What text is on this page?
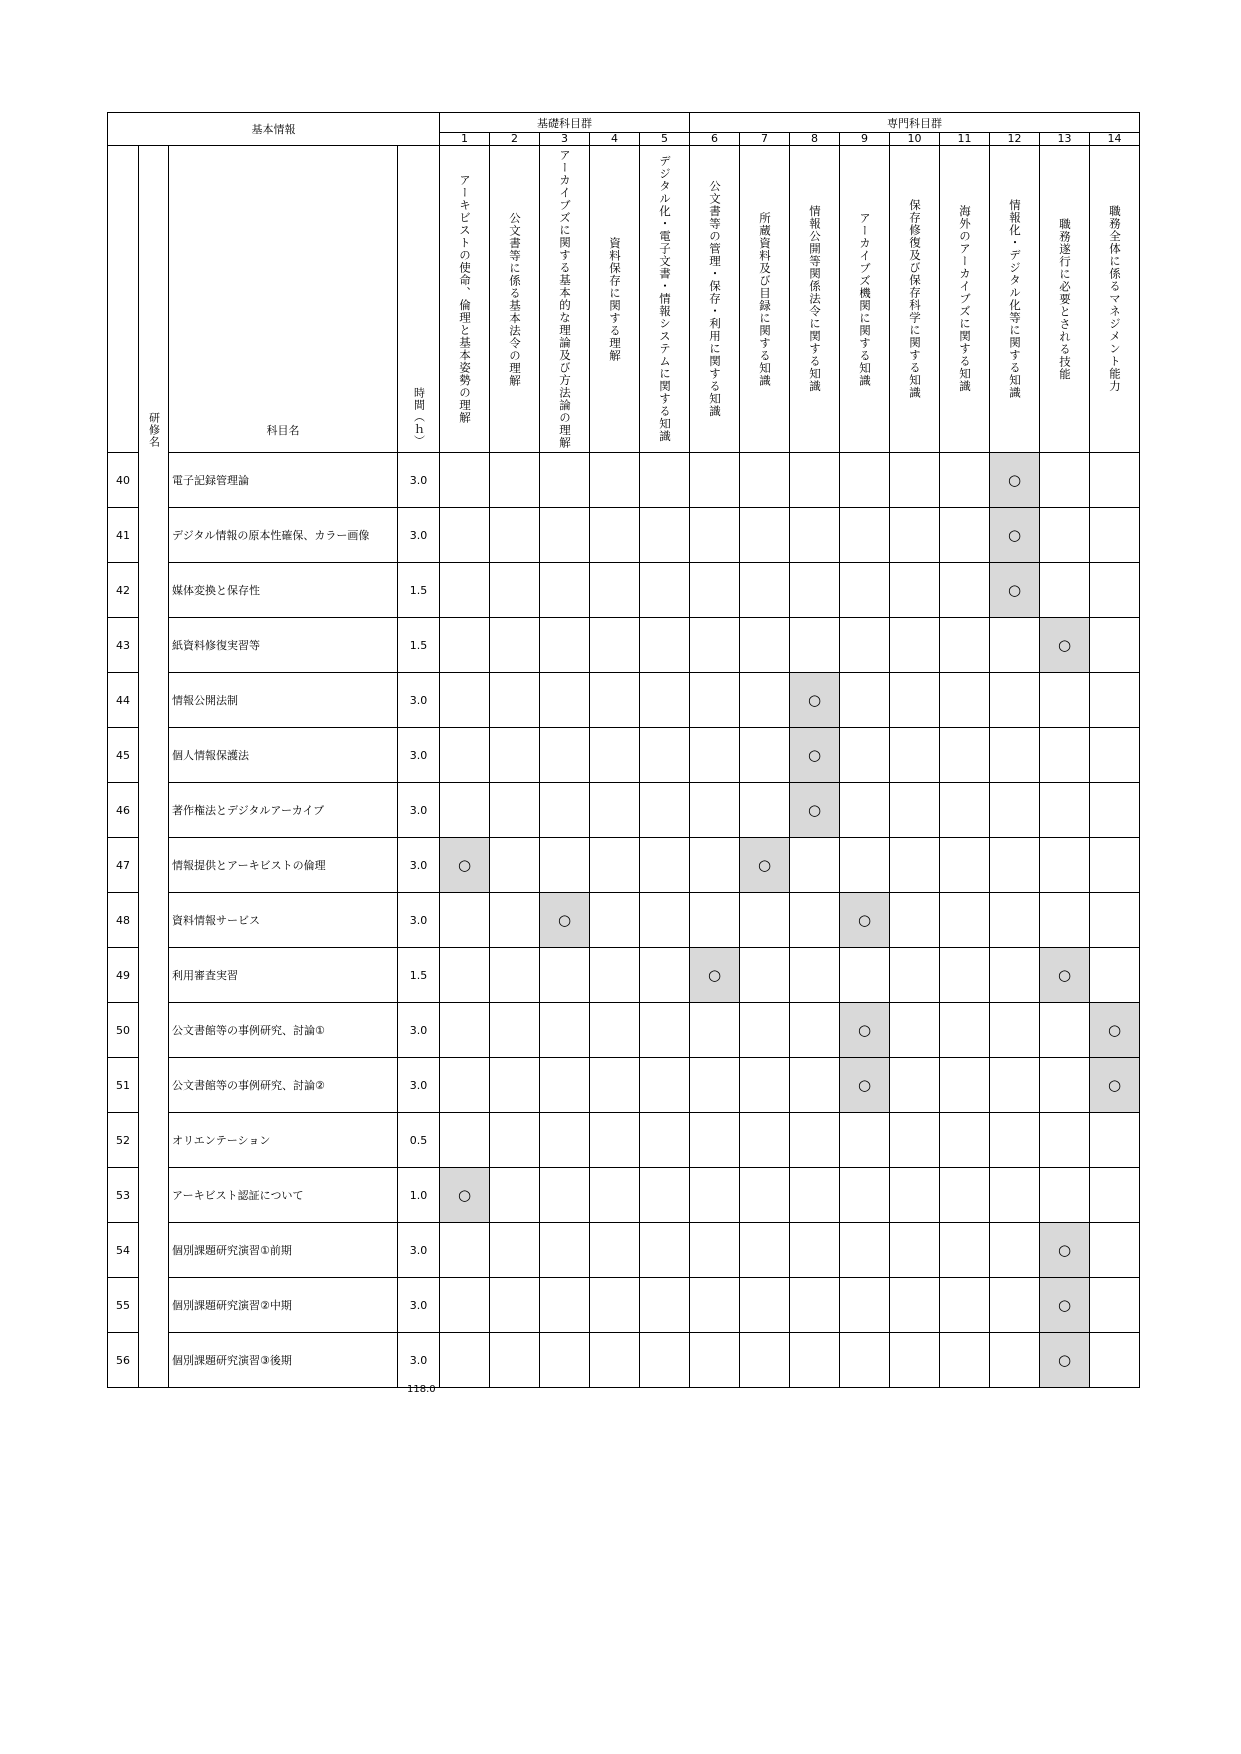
基本情報				基礎科目群					専門科目群								
				1	2	3	4	5	6	7	8	9	10	11	12	13	14
	研修名	科目名	時間（ｈ）	アーキビストの使命、倫理と基本姿勢の理解	公文書等に係る基本法令の理解	アーカイブズに関する基本的な理論及び方法論の理解	資料保存に関する理解	デジタル化・電子文書・情報システムに関する知識	公文書等の管理・保存・利用に関する知識	所蔵資料及び目録に関する知識	情報公開等関係法令に関する知識	アーカイブズ機関に関する知識	保存修復及び保存科学に関する知識	海外のアーカイブズに関する知識	情報化・デジタル化等に関する知識	職務遂行に必要とされる技能	職務全体に係るマネジメント能力
40		電子記録管理論	3.0												○		
41		デジタル情報の原本性確保、カラー画像	3.0												○		
42		媒体変換と保存性	1.5												○		
43		紙資料修復実習等	1.5													○	
44		情報公開法制	3.0								○						
45		個人情報保護法	3.0								○						
46		著作権法とデジタルアーカイブ	3.0								○						
47		情報提供とアーキビストの倫理	3.0	○						○							
48		資料情報サービス	3.0			○						○					
49		利用審査実習	1.5						○							○	
50		公文書館等の事例研究、討論①	3.0									○					○
51		公文書館等の事例研究、討論②	3.0									○					○
52		オリエンテーション	0.5														
53		アーキビスト認証について	1.0	○													
54		個別課題研究演習①前期	3.0													○	
55		個別課題研究演習②中期	3.0													○	
56		個別課題研究演習③後期	3.0													○	
118.0
